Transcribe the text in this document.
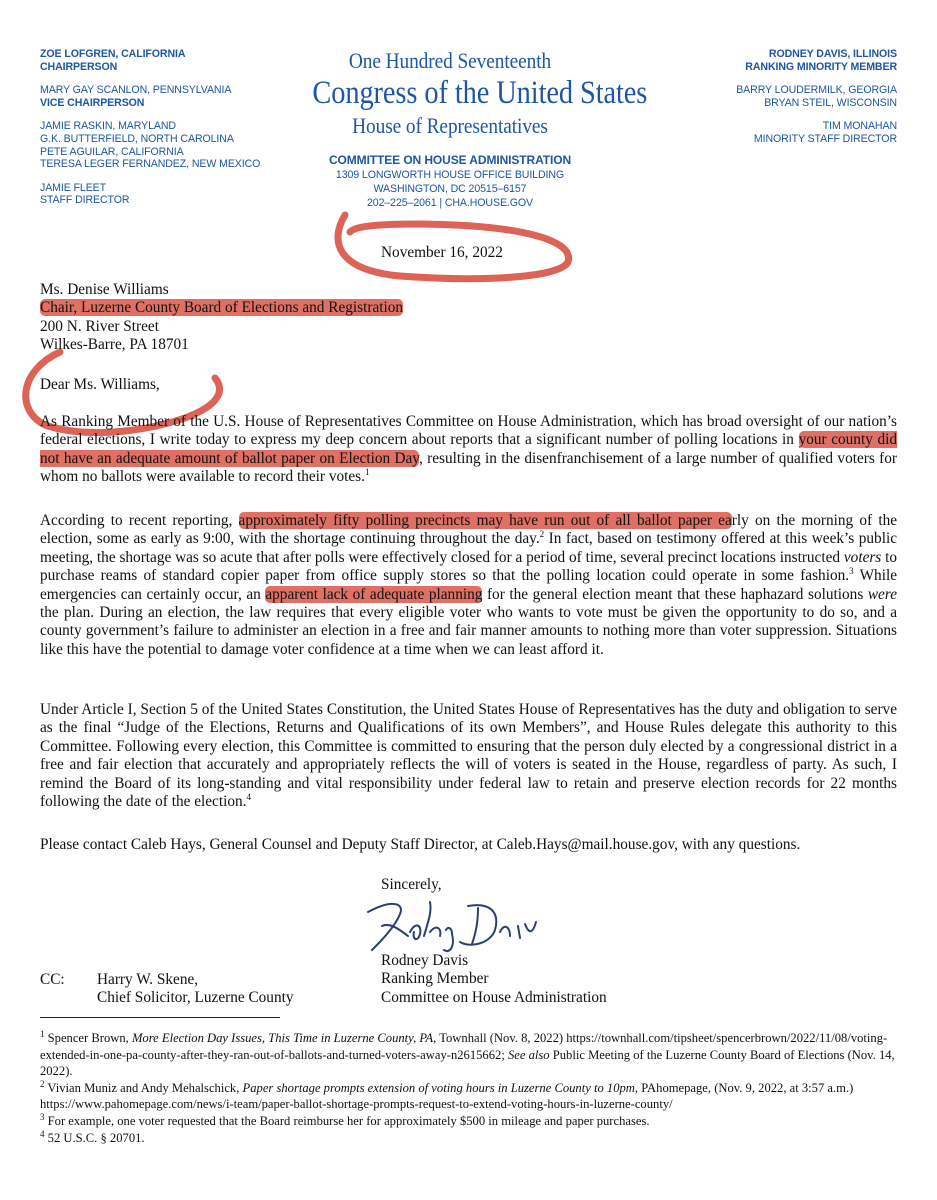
ZOE LOFGREN, CALIFORNIA
CHAIRPERSON
MARY GAY SCANLON, PENNSYLVANIA
VICE CHAIRPERSON
JAMIE RASKIN, MARYLAND
G.K. BUTTERFIELD, NORTH CAROLINA
PETE AGUILAR, CALIFORNIA
TERESA LEGER FERNANDEZ, NEW MEXICO
JAMIE FLEET
STAFF DIRECTOR
One Hundred Seventeenth
Congress of the United States
House of Representatives
COMMITTEE ON HOUSE ADMINISTRATION
1309 LONGWORTH HOUSE OFFICE BUILDING
WASHINGTON, DC 20515–6157
202–225–2061 | CHA.HOUSE.GOV
RODNEY DAVIS, ILLINOIS
RANKING MINORITY MEMBER
BARRY LOUDERMILK, GEORGIA
BRYAN STEIL, WISCONSIN
TIM MONAHAN
MINORITY STAFF DIRECTOR
November 16, 2022
Ms. Denise Williams
Chair, Luzerne County Board of Elections and Registration
200 N. River Street
Wilkes-Barre, PA 18701
Dear Ms. Williams,
As Ranking Member of the U.S. House of Representatives Committee on House Administration, which has broad oversight of our nation’s federal elections, I write today to express my deep concern about reports that a significant number of polling locations in your county did not have an adequate amount of ballot paper on Election Day, resulting in the disenfranchisement of a large number of qualified voters for whom no ballots were available to record their votes.$^1$
According to recent reporting, approximately fifty polling precincts may have run out of all ballot paper early on the morning of the election, some as early as 9:00, with the shortage continuing throughout the day.$^2$ In fact, based on testimony offered at this week’s public meeting, the shortage was so acute that after polls were effectively closed for a period of time, several precinct locations instructed voters to purchase reams of standard copier paper from office supply stores so that the polling location could operate in some fashion.$^3$ While emergencies can certainly occur, an apparent lack of adequate planning for the general election meant that these haphazard solutions were the plan. During an election, the law requires that every eligible voter who wants to vote must be given the opportunity to do so, and a county government’s failure to administer an election in a free and fair manner amounts to nothing more than voter suppression. Situations like this have the potential to damage voter confidence at a time when we can least afford it.
Under Article I, Section 5 of the United States Constitution, the United States House of Representatives has the duty and obligation to serve as the final “Judge of the Elections, Returns and Qualifications of its own Members”, and House Rules delegate this authority to this Committee. Following every election, this Committee is committed to ensuring that the person duly elected by a congressional district in a free and fair election that accurately and appropriately reflects the will of voters is seated in the House, regardless of party. As such, I remind the Board of its long-standing and vital responsibility under federal law to retain and preserve election records for 22 months following the date of the election.$^4$
Please contact Caleb Hays, General Counsel and Deputy Staff Director, at Caleb.Hays@mail.house.gov, with any questions.
Sincerely,
Rodney Davis
Ranking Member
Committee on House Administration
CC: Harry W. Skene,
Chief Solicitor, Luzerne County
$^1$ Spencer Brown, More Election Day Issues, This Time in Luzerne County, PA, Townhall (Nov. 8, 2022) https://townhall.com/tipsheet/spencerbrown/2022/11/08/voting-extended-in-one-pa-county-after-they-ran-out-of-ballots-and-turned-voters-away-n2615662; See also Public Meeting of the Luzerne County Board of Elections (Nov. 14, 2022).
$^2$ Vivian Muniz and Andy Mehalschick, Paper shortage prompts extension of voting hours in Luzerne County to 10pm, PAhomepage, (Nov. 9, 2022, at 3:57 a.m.) https://www.pahomepage.com/news/i-team/paper-ballot-shortage-prompts-request-to-extend-voting-hours-in-luzerne-county/
$^3$ For example, one voter requested that the Board reimburse her for approximately $500 in mileage and paper purchases.
$^4$ 52 U.S.C. § 20701.
